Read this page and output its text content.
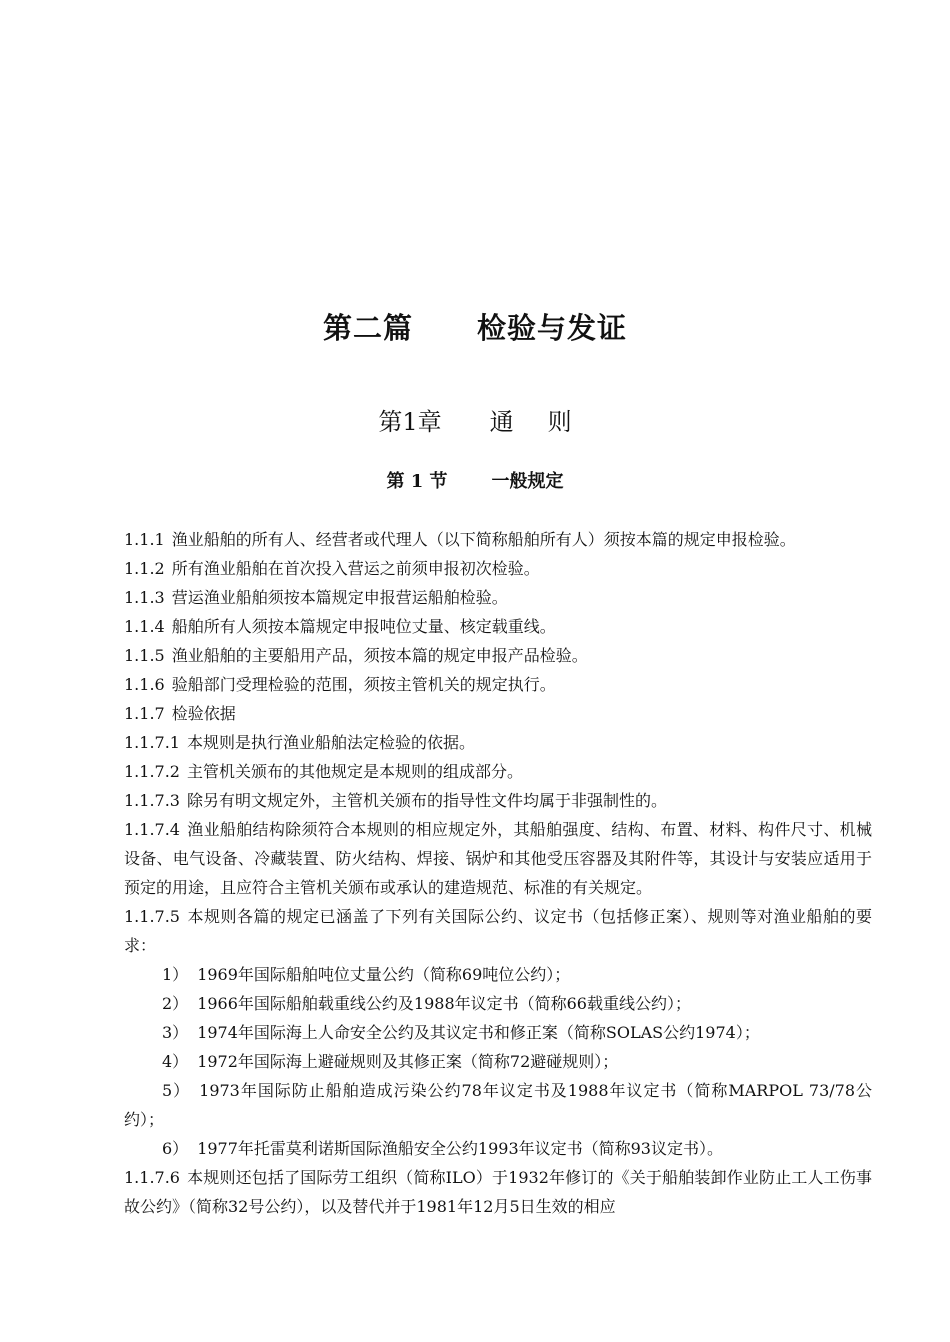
第二篇 检验与发证
第1章 通 则
第 1 节 一般规定

1.1.1 渔业船舶的所有人、经营者或代理人（以下简称船舶所有人）须按本篇的规定申报检验。

1.1.2 所有渔业船舶在首次投入营运之前须申报初次检验。

1.1.3 营运渔业船舶须按本篇规定申报营运船舶检验。

1.1.4 船舶所有人须按本篇规定申报吨位丈量、核定载重线。

1.1.5 渔业船舶的主要船用产品，须按本篇的规定申报产品检验。

1.1.6 验船部门受理检验的范围，须按主管机关的规定执行。

1.1.7 检验依据

1.1.7.1 本规则是执行渔业船舶法定检验的依据。

1.1.7.2 主管机关颁布的其他规定是本规则的组成部分。

1.1.7.3 除另有明文规定外，主管机关颁布的指导性文件均属于非强制性的。

1.1.7.4 渔业船舶结构除须符合本规则的相应规定外，其船舶强度、结构、布置、材料、构件尺寸、机械设备、电气设备、冷藏装置、防火结构、焊接、锅炉和其他受压容器及其附件等，其设计与安装应适用于预定的用途，且应符合主管机关颁布或承认的建造规范、标准的有关规定。

1.1.7.5 本规则各篇的规定已涵盖了下列有关国际公约、议定书（包括修正案）、规则等对渔业船舶的要求：

1） 1969年国际船舶吨位丈量公约（简称69吨位公约）；

2） 1966年国际船舶载重线公约及1988年议定书（简称66载重线公约）；

3） 1974年国际海上人命安全公约及其议定书和修正案（简称SOLAS公约1974）；

4） 1972年国际海上避碰规则及其修正案（简称72避碰规则）；

5） 1973年国际防止船舶造成污染公约78年议定书及1988年议定书（简称MARPOL 73/78公约）；

6） 1977年托雷莫利诺斯国际渔船安全公约1993年议定书（简称93议定书）。

1.1.7.6 本规则还包括了国际劳工组织（简称ILO）于1932年修订的《关于船舶装卸作业防止工人工伤事故公约》（简称32号公约），以及替代并于1981年12月5日生效的相应
